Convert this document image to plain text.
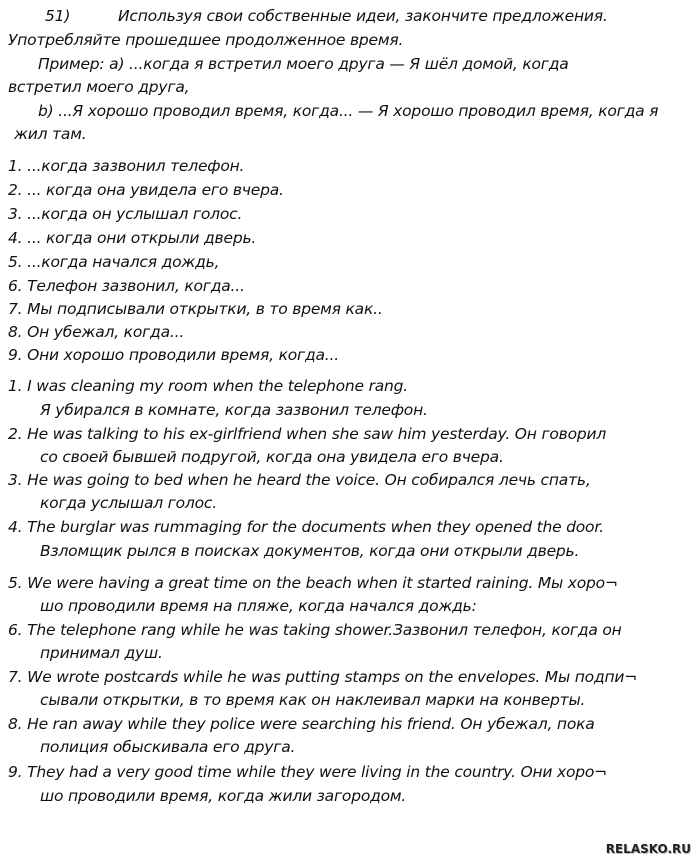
51)	Используя свои собственные идеи, закончите предложения.
Употребляйте прошедшее продолженное время.
Пример: а) ...когда я встретил моего друга — Я шёл домой, когда
встретил моего друга,
b) ...Я хорошо проводил время, когда... — Я хорошо проводил время, когда я
жил там.
1. ...когда зазвонил телефон.
2. ... когда она увидела его вчера.
3. ...когда он услышал голос.
4. ... когда они открыли дверь.
5. ...когда начался дождь,
6. Телефон зазвонил, когда...
7. Мы подписывали открытки, в то время как..
8. Он убежал, когда...
9. Они хорошо проводили время, когда...
1. I was cleaning my room when the telephone rang.
Я убирался в комнате, когда зазвонил телефон.
2. He was talking to his ex-girlfriend when she saw him yesterday. Он говорил
со своей бывшей подругой, когда она увидела его вчера.
3. He was going to bed when he heard the voice. Он собирался лечь спать,
когда услышал голос.
4. The burglar was rummaging for the documents when they opened the door.
Взломщик рылся в поисках документов, когда они открыли дверь.
5. We were having a great time on the beach when it started raining. Мы хоро¬
шо проводили время на пляже, когда начался дождь:
6. The telephone rang while he was taking shower.Зазвонил телефон, когда он
принимал душ.
7. We wrote postcards while he was putting stamps on the envelopes. Мы подпи¬
сывали открытки, в то время как он наклеивал марки на конверты.
8. He ran away while they police were searching his friend. Он убежал, пока
полиция обыскивала его друга.
9. They had a very good time while they were living in the country. Они хоро¬
шо проводили время, когда жили загородом.
RELASKO.RU
